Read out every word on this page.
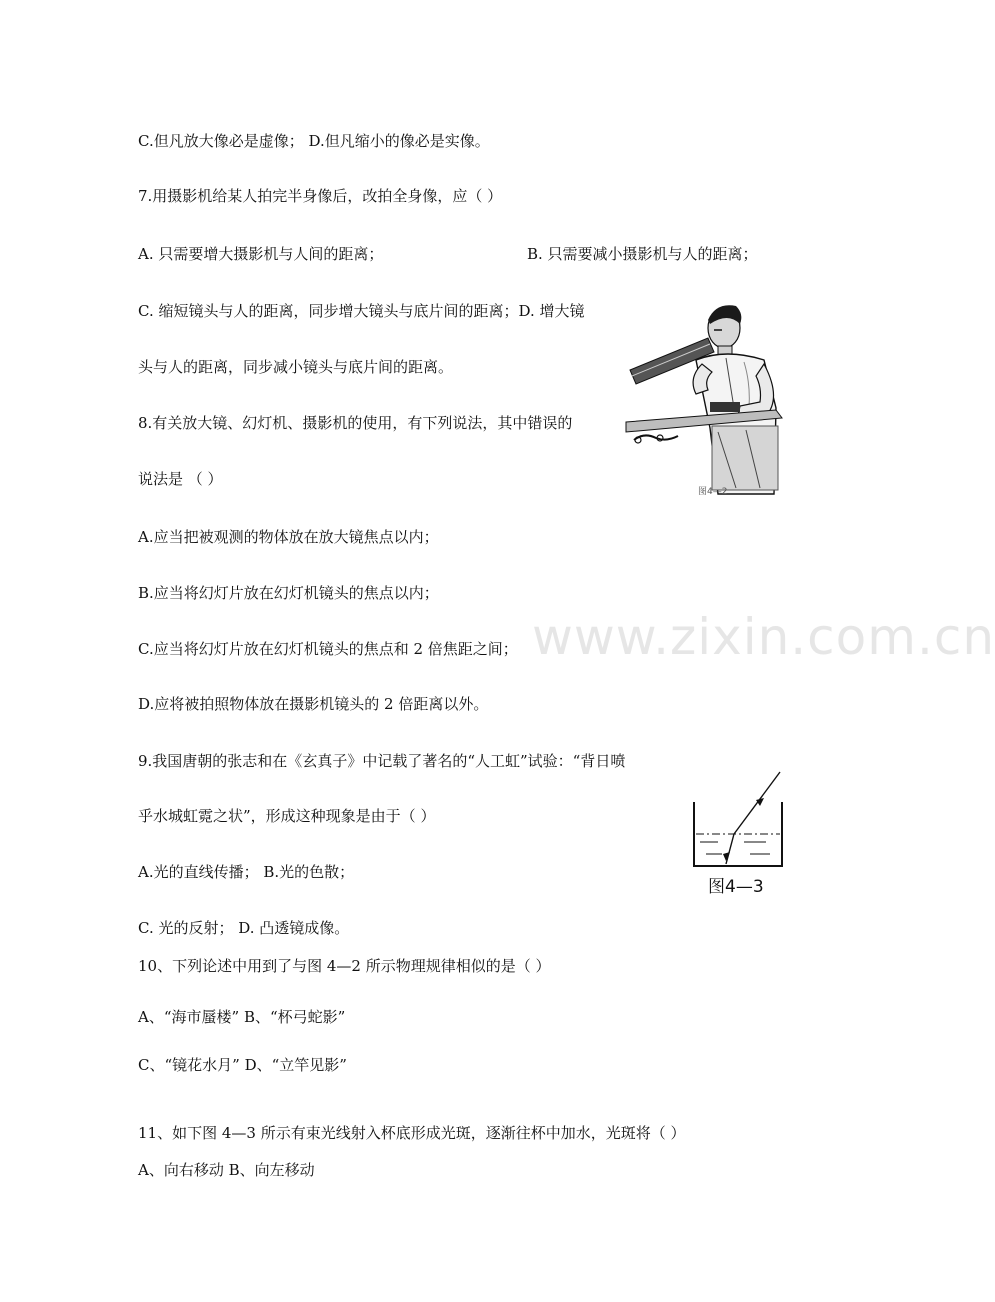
www.zixin.com.cn
C.但凡放大像必是虚像； D.但凡缩小的像必是实像。
7.用摄影机给某人拍完半身像后，改拍全身像，应（ ）
A. 只需要增大摄影机与人间的距离；	B. 只需要减小摄影机与人的距离；
C. 缩短镜头与人的距离，同步增大镜头与底片间的距离；D. 增大镜
头与人的距离，同步减小镜头与底片间的距离。
8.有关放大镜、幻灯机、摄影机的使用，有下列说法，其中错误的
说法是 （ ）
A.应当把被观测的物体放在放大镜焦点以内；
B.应当将幻灯片放在幻灯机镜头的焦点以内；
C.应当将幻灯片放在幻灯机镜头的焦点和 2 倍焦距之间；
D.应将被拍照物体放在摄影机镜头的 2 倍距离以外。
9.我国唐朝的张志和在《玄真子》中记载了著名的“人工虹”试验：“背日喷
乎水城虹霓之状”，形成这种现象是由于（ ）
A.光的直线传播； B.光的色散；
C. 光的反射； D. 凸透镜成像。
10、下列论述中用到了与图 4—2 所示物理规律相似的是（ ）
A、“海市蜃楼” B、“杯弓蛇影”
C、“镜花水月” D、“立竿见影”
11、如下图 4—3 所示有束光线射入杯底形成光斑，逐渐往杯中加水，光斑将（ ）
A、向右移动 B、向左移动
图4—2
图4—3
